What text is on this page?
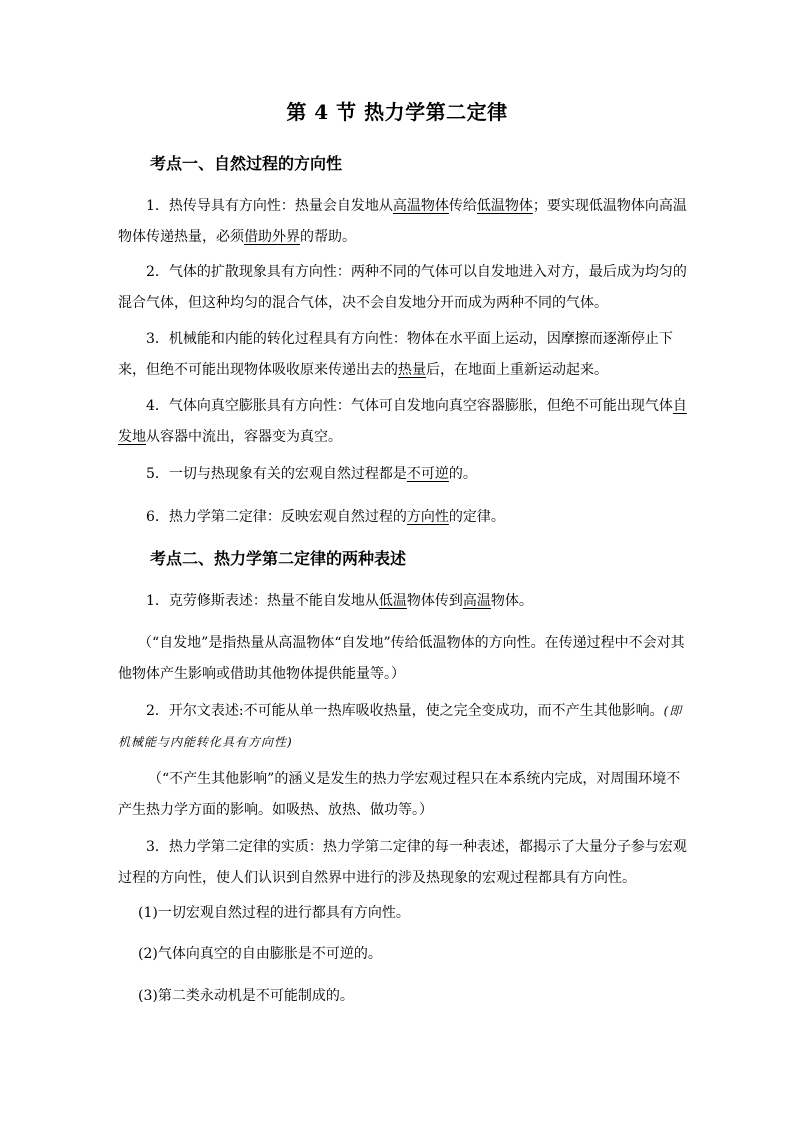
第 4 节 热力学第二定律
考点一、自然过程的方向性

1．热传导具有方向性：热量会自发地从高温物体传给低温物体；要实现低温物体向高温物体传递热量，必须借助外界的帮助。

2．气体的扩散现象具有方向性：两种不同的气体可以自发地进入对方，最后成为均匀的混合气体，但这种均匀的混合气体，决不会自发地分开而成为两种不同的气体。

3．机械能和内能的转化过程具有方向性：物体在水平面上运动，因摩擦而逐渐停止下来，但绝不可能出现物体吸收原来传递出去的热量后，在地面上重新运动起来。

4．气体向真空膨胀具有方向性：气体可自发地向真空容器膨胀，但绝不可能出现气体自发地从容器中流出，容器变为真空。

5．一切与热现象有关的宏观自然过程都是不可逆的。

6．热力学第二定律：反映宏观自然过程的方向性的定律。

考点二、热力学第二定律的两种表述

1．克劳修斯表述：热量不能自发地从低温物体传到高温物体。

（“自发地”是指热量从高温物体“自发地”传给低温物体的方向性。在传递过程中不会对其他物体产生影响或借助其他物体提供能量等。）

2．开尔文表述:不可能从单一热库吸收热量，使之完全变成功，而不产生其他影响。(即机械能与内能转化具有方向性)

（“不产生其他影响”的涵义是发生的热力学宏观过程只在本系统内完成，对周围环境不产生热力学方面的影响。如吸热、放热、做功等。）

3．热力学第二定律的实质：热力学第二定律的每一种表述，都揭示了大量分子参与宏观过程的方向性，使人们认识到自然界中进行的涉及热现象的宏观过程都具有方向性。

(1)一切宏观自然过程的进行都具有方向性。

(2)气体向真空的自由膨胀是不可逆的。

(3)第二类永动机是不可能制成的。
